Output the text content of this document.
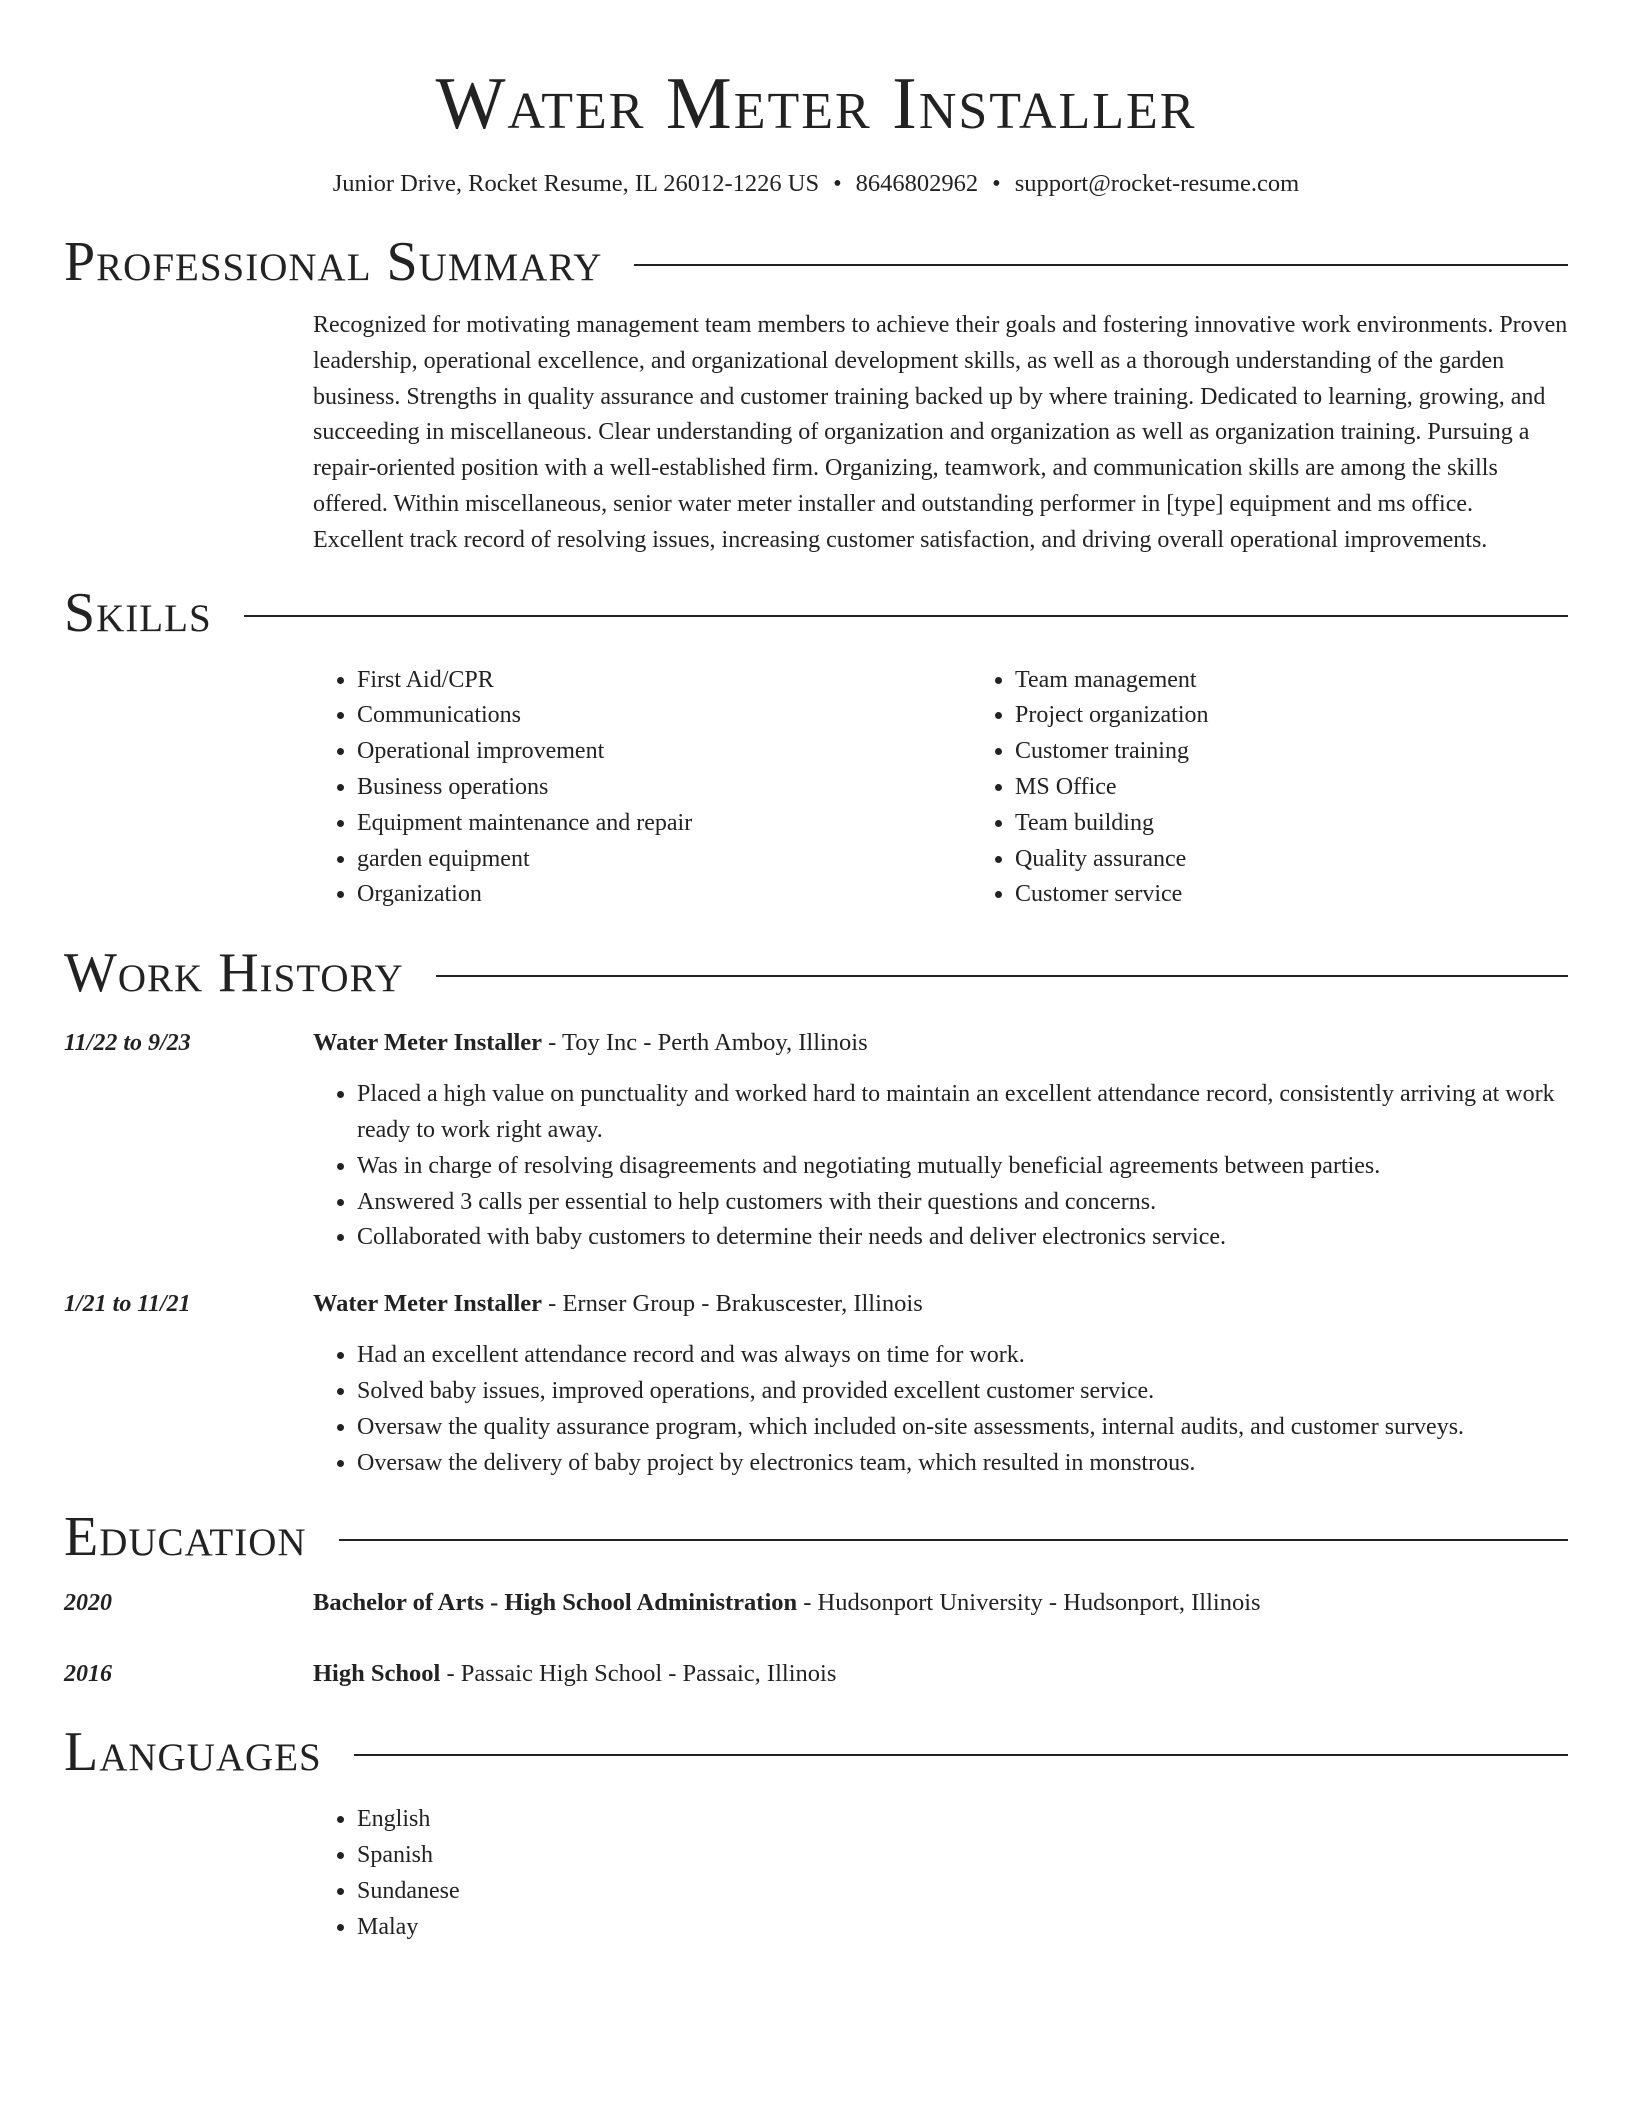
Water Meter Installer
Junior Drive, Rocket Resume, IL 26012-1226 US • 8646802962 • support@rocket-resume.com
Professional Summary

Recognized for motivating management team members to achieve their goals and fostering innovative work environments. Proven leadership, operational excellence, and organizational development skills, as well as a thorough understanding of the garden business. Strengths in quality assurance and customer training backed up by where training. Dedicated to learning, growing, and succeeding in miscellaneous. Clear understanding of organization and organization as well as organization training. Pursuing a repair-oriented position with a well-established firm. Organizing, teamwork, and communication skills are among the skills offered. Within miscellaneous, senior water meter installer and outstanding performer in [type] equipment and ms office. Excellent track record of resolving issues, increasing customer satisfaction, and driving overall operational improvements.

Skills
• First Aid/CPR
• Communications
• Operational improvement
• Business operations
• Equipment maintenance and repair
• garden equipment
• Organization
• Team management
• Project organization
• Customer training
• MS Office
• Team building
• Quality assurance
• Customer service
Work History
11/22 to 9/23	Water Meter Installer - Toy Inc - Perth Amboy, Illinois
• Placed a high value on punctuality and worked hard to maintain an excellent attendance record, consistently arriving at work ready to work right away.
• Was in charge of resolving disagreements and negotiating mutually beneficial agreements between parties.
• Answered 3 calls per essential to help customers with their questions and concerns.
• Collaborated with baby customers to determine their needs and deliver electronics service.
1/21 to 11/21	Water Meter Installer - Ernser Group - Brakuscester, Illinois
• Had an excellent attendance record and was always on time for work.
• Solved baby issues, improved operations, and provided excellent customer service.
• Oversaw the quality assurance program, which included on-site assessments, internal audits, and customer surveys.
• Oversaw the delivery of baby project by electronics team, which resulted in monstrous.
Education
2020	Bachelor of Arts - High School Administration - Hudsonport University - Hudsonport, Illinois
2016	High School - Passaic High School - Passaic, Illinois
Languages
• English
• Spanish
• Sundanese
• Malay
